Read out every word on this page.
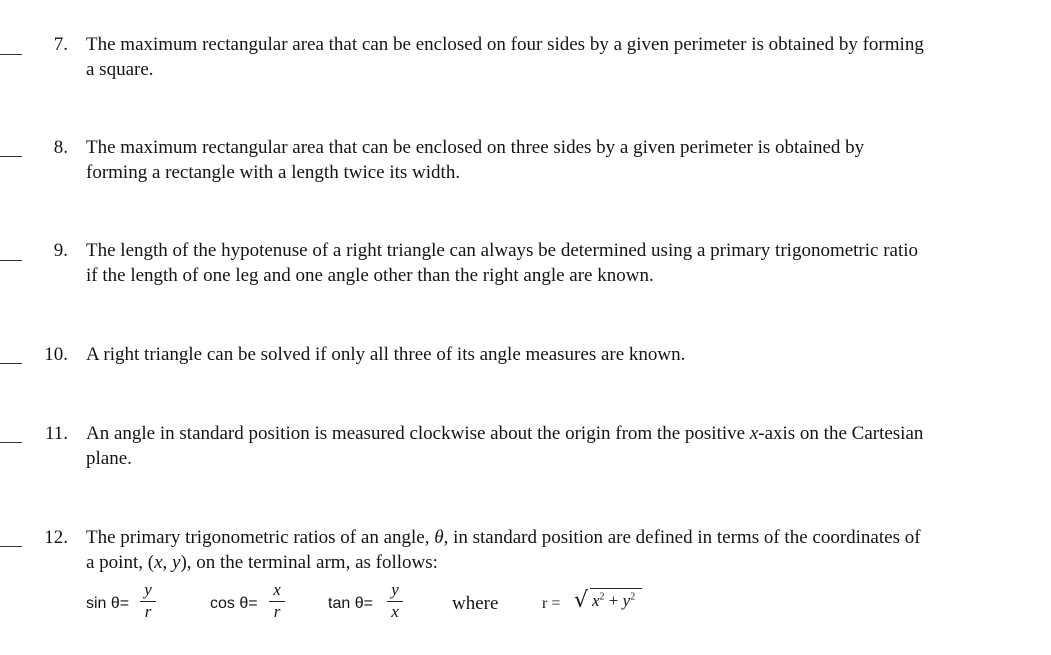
7. The maximum rectangular area that can be enclosed on four sides by a given perimeter is obtained by forming
a square.
8. The maximum rectangular area that can be enclosed on three sides by a given perimeter is obtained by
forming a rectangle with a length twice its width.
9. The length of the hypotenuse of a right triangle can always be determined using a primary trigonometric ratio
if the length of one leg and one angle other than the right angle are known.
10. A right triangle can be solved if only all three of its angle measures are known.
11. An angle in standard position is measured clockwise about the origin from the positive x-axis on the Cartesian
plane.
12. The primary trigonometric ratios of an angle, θ, in standard position are defined in terms of the coordinates of
a point, (x, y), on the terminal arm, as follows:
sin θ=
y
r	cos θ=
x
r	tan θ=
y
x	where	r = √ $x^2 + y^2$
